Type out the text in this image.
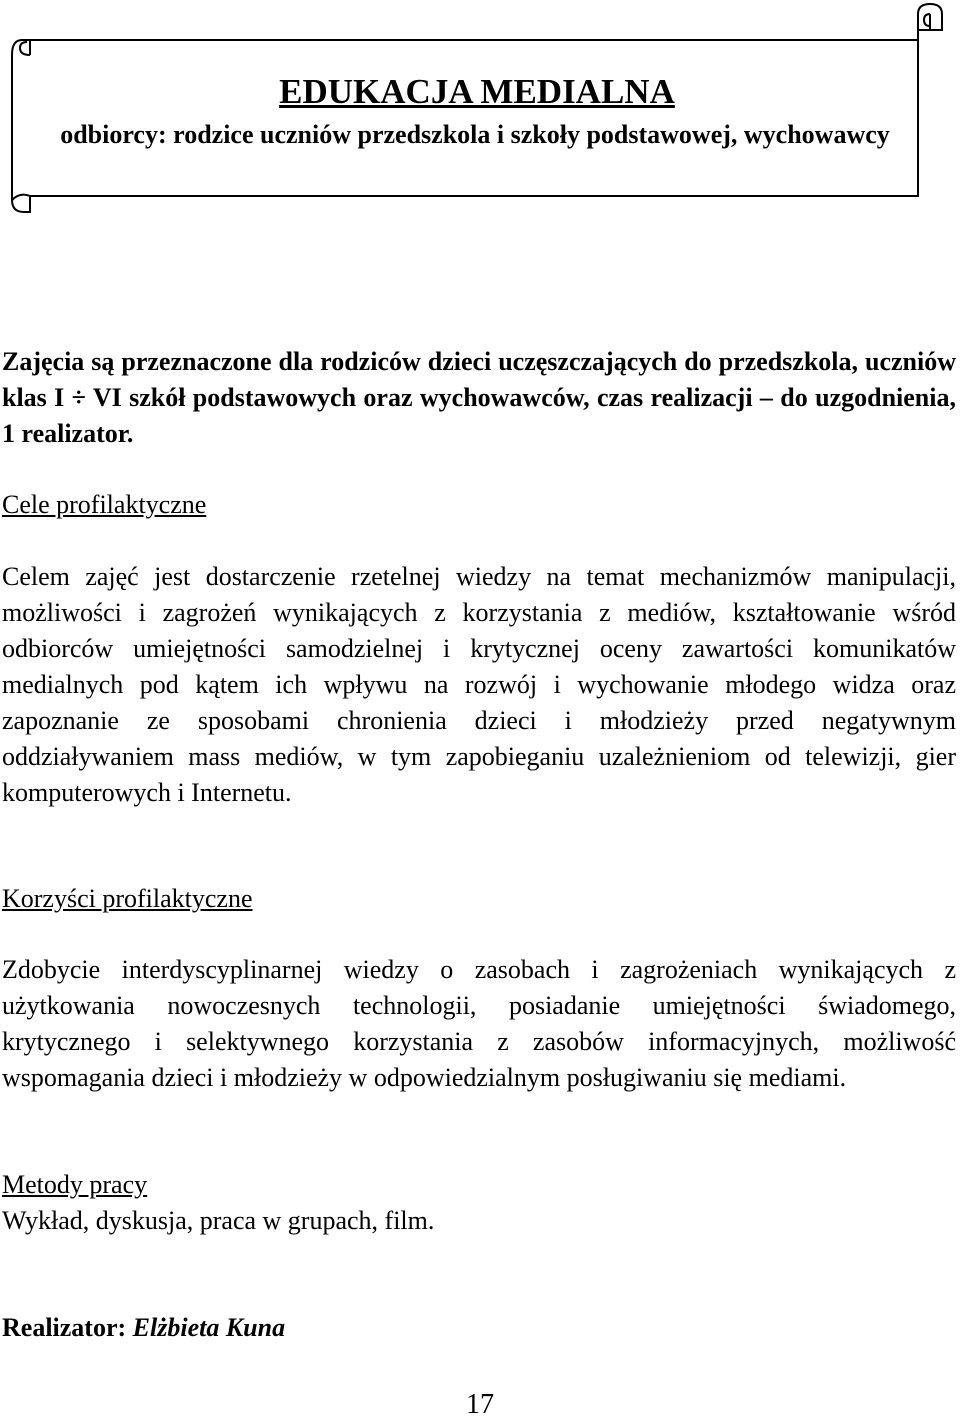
EDUKACJA MEDIALNA

odbiorcy: rodzice uczniów przedszkola i szkoły podstawowej, wychowawcy

Zajęcia są przeznaczone dla rodziców dzieci uczęszczających do przedszkola, uczniów klas I ÷ VI szkół podstawowych oraz wychowawców, czas realizacji – do uzgodnienia, 1 realizator.

Cele profilaktyczne

Celem zajęć jest dostarczenie rzetelnej wiedzy na temat mechanizmów manipulacji, możliwości i zagrożeń wynikających z korzystania z mediów, kształtowanie wśród odbiorców umiejętności samodzielnej i krytycznej oceny zawartości komunikatów medialnych pod kątem ich wpływu na rozwój i wychowanie młodego widza oraz zapoznanie ze sposobami chronienia dzieci i młodzieży przed negatywnym oddziaływaniem mass mediów, w tym zapobieganiu uzależnieniom od telewizji, gier komputerowych i Internetu.

Korzyści profilaktyczne

Zdobycie interdyscyplinarnej wiedzy o zasobach i zagrożeniach wynikających z użytkowania nowoczesnych technologii, posiadanie umiejętności świadomego, krytycznego i selektywnego korzystania z zasobów informacyjnych, możliwość wspomagania dzieci i młodzieży w odpowiedzialnym posługiwaniu się mediami.

Metody pracy

Wykład, dyskusja, praca w grupach, film.

Realizator: Elżbieta Kuna

17
